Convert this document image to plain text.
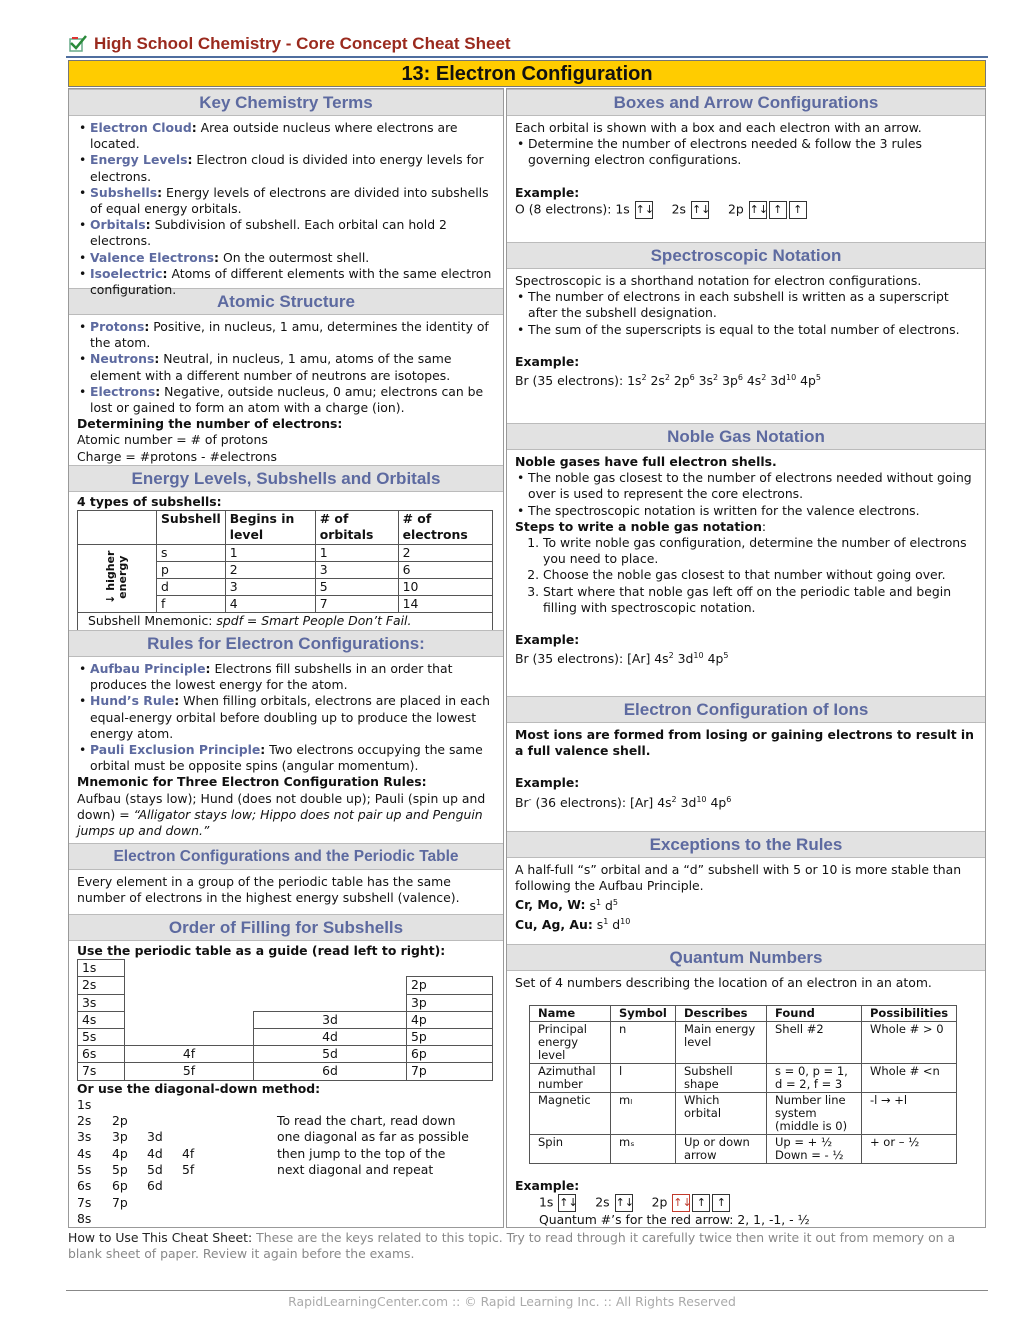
High School Chemistry - Core Concept Cheat Sheet
13: Electron Configuration
Key Chemistry Terms
• Electron Cloud: Area outside nucleus where electrons are located.
• Energy Levels: Electron cloud is divided into energy levels for electrons.
• Subshells: Energy levels of electrons are divided into subshells of equal energy orbitals.
• Orbitals: Subdivision of subshell. Each orbital can hold 2 electrons.
• Valence Electrons: On the outermost shell.
• Isoelectric: Atoms of different elements with the same electron configuration.
Atomic Structure
• Protons: Positive, in nucleus, 1 amu, determines the identity of the atom.
• Neutrons: Neutral, in nucleus, 1 amu, atoms of the same element with a different number of neutrons are isotopes.
• Electrons: Negative, outside nucleus, 0 amu; electrons can be lost or gained to form an atom with a charge (ion).
Determining the number of electrons:
Atomic number = # of protons
Charge = #protons - #electrons
Energy Levels, Subshells and Orbitals
4 types of subshells:
	Subshell	Begins in level	# of orbitals	# of electrons
↓ higher energy	s	1	1	2
	p	2	3	6
	d	3	5	10
	f	4	7	14
Subshell Mnemonic: spdf = Smart People Don’t Fail.				
Rules for Electron Configurations:
• Aufbau Principle: Electrons fill subshells in an order that produces the lowest energy for the atom.
• Hund’s Rule: When filling orbitals, electrons are placed in each equal-energy orbital before doubling up to produce the lowest energy atom.
• Pauli Exclusion Principle: Two electrons occupying the same orbital must be opposite spins (angular momentum).
Mnemonic for Three Electron Configuration Rules:
Aufbau (stays low); Hund (does not double up); Pauli (spin up and down) = “Alligator stays low; Hippo does not pair up and Penguin jumps up and down.”
Electron Configurations and the Periodic Table
Every element in a group of the periodic table has the same number of electrons in the highest energy subshell (valence).
Order of Filling for Subshells
Use the periodic table as a guide (read left to right):
1s			
2s			2p
3s			3p
4s		3d	4p
5s		4d	5p
6s	4f	5d	6p
7s	5f	6d	7p
Or use the diagonal-down method:
1s
2s 2p
3s 3p 3d
4s 4p 4d 4f
5s 5p 5d 5f
6s 6p 6d
7s 7p
8s
To read the chart, read down
one diagonal as far as possible
then jump to the top of the
next diagonal and repeat
Boxes and Arrow Configurations
Each orbital is shown with a box and each electron with an arrow.
• Determine the number of electrons needed & follow the 3 rules governing electron configurations.
Example:
O (8 electrons): 1s ↑↓ 2s ↑↓ 2p ↑↓ ↑ ↑
Spectroscopic Notation
Spectroscopic is a shorthand notation for electron configurations.
• The number of electrons in each subshell is written as a superscript after the subshell designation.
• The sum of the superscripts is equal to the total number of electrons.
Example:
Br (35 electrons): $1s^2$ $2s^2$ $2p^6$ $3s^2$ $3p^6$ $4s^2$ $3d^{10}$ $4p^5$
Noble Gas Notation
Noble gases have full electron shells.
• The noble gas closest to the number of electrons needed without going over is used to represent the core electrons.
• The spectroscopic notation is written for the valence electrons.
Steps to write a noble gas notation:
1. To write noble gas configuration, determine the number of electrons you need to place.
2. Choose the noble gas closest to that number without going over.
3. Start where that noble gas left off on the periodic table and begin filling with spectroscopic notation.
Example:
Br (35 electrons): [Ar] $4s^2$ $3d^{10}$ $4p^5$
Electron Configuration of Ions
Most ions are formed from losing or gaining electrons to result in a full valence shell.
Example:
Br- (36 electrons): [Ar] $4s^2$ $3d^{10}$ $4p^6$
Exceptions to the Rules
A half-full “s” orbital and a “d” subshell with 5 or 10 is more stable than following the Aufbau Principle.
Cr, Mo, W: $s^1$ $d^5$
Cu, Ag, Au: $s^1$ $d^{10}$
Quantum Numbers
Set of 4 numbers describing the location of an electron in an atom.
Name	Symbol	Describes	Found	Possibilities
Principal energy level	n	Main energy level	Shell #2	Whole # > 0
Azimuthal number	l	Subshell shape	s = 0, p = 1, d = 2, f = 3	Whole # <n
Magnetic	mₗ	Which orbital	Number line system (middle is 0)	-l → +l
Spin	mₛ	Up or down arrow	Up = + ½ Down = - ½	+ or – ½
Example:
1s ↑↓ 2s ↑↓ 2p ↑↓ ↑ ↑
Quantum #’s for the red arrow: 2, 1, -1, - ½
How to Use This Cheat Sheet: These are the keys related to this topic. Try to read through it carefully twice then write it out from memory on a blank sheet of paper. Review it again before the exams.
RapidLearningCenter.com :: © Rapid Learning Inc. :: All Rights Reserved
